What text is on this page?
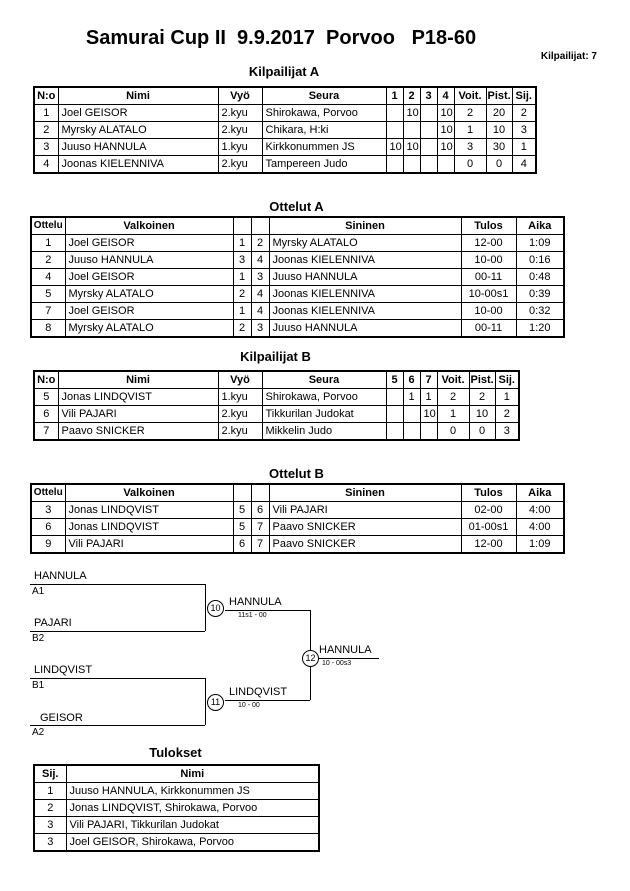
Samurai Cup II  9.9.2017  Porvoo   P18-60
Kilpailijat: 7
Kilpailijat A
N:o	Nimi	Vyö	Seura	1	2	3	4	Voit.	Pist.	Sij.
1	Joel GEISOR	2.kyu	Shirokawa, Porvoo		10		10	2	20	2
2	Myrsky ALATALO	2.kyu	Chikara, H:ki				10	1	10	3
3	Juuso HANNULA	1.kyu	Kirkkonummen JS	10	10		10	3	30	1
4	Joonas KIELENNIVA	2.kyu	Tampereen Judo					0	0	4
Ottelut A
Ottelu	Valkoinen			Sininen	Tulos	Aika
1	Joel GEISOR	1	2	Myrsky ALATALO	12-00	1:09
2	Juuso HANNULA	3	4	Joonas KIELENNIVA	10-00	0:16
4	Joel GEISOR	1	3	Juuso HANNULA	00-11	0:48
5	Myrsky ALATALO	2	4	Joonas KIELENNIVA	10-00s1	0:39
7	Joel GEISOR	1	4	Joonas KIELENNIVA	10-00	0:32
8	Myrsky ALATALO	2	3	Juuso HANNULA	00-11	1:20
Kilpailijat B
N:o	Nimi	Vyö	Seura	5	6	7	Voit.	Pist.	Sij.
5	Jonas LINDQVIST	1.kyu	Shirokawa, Porvoo		1	1	2	2	1
6	Vili PAJARI	2.kyu	Tikkurilan Judokat			10	1	10	2
7	Paavo SNICKER	2.kyu	Mikkelin Judo				0	0	3
Ottelut B
Ottelu	Valkoinen			Sininen	Tulos	Aika
3	Jonas LINDQVIST	5	6	Vili PAJARI	02-00	4:00
6	Jonas LINDQVIST	5	7	Paavo SNICKER	01-00s1	4:00
9	Vili PAJARI	6	7	Paavo SNICKER	12-00	1:09
HANNULA
A1
PAJARI
B2
10 HANNULA
11s1 - 00
LINDQVIST
B1
GEISOR
A2
11
LINDQVIST
10 - 00
12
HANNULA
10 - 00s3
Tulokset
Sij.	Nimi
1	Juuso HANNULA, Kirkkonummen JS
2	Jonas LINDQVIST, Shirokawa, Porvoo
3	Vili PAJARI, Tikkurilan Judokat
3	Joel GEISOR, Shirokawa, Porvoo
